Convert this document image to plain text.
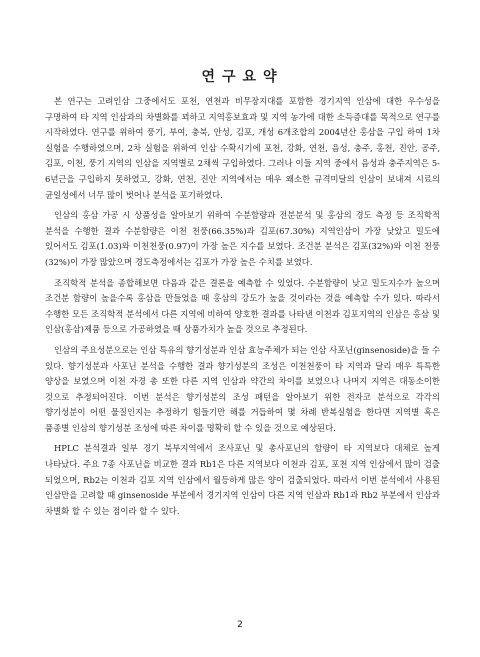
연구요약

본 연구는 고려인삼 그중에서도 포천, 연천과 비무장지대를 포함한 경기지역 인삼에 대한 우수성을 구명하여 타 지역 인삼과의 차별화를 꾀하고 지역홍보효과 및 지역 농가에 대한 소득증대를 목적으로 연구를 시작하였다. 연구를 위하여 풍기, 부여, 충북, 안성, 김포, 개성 6개조합의 2004년산 홍삼을 구입 하여 1차 실험을 수행하였으며, 2차 실험을 위하여 인삼 수확시기에 포천, 강화, 연천, 음성, 충주, 홍천, 진안, 공주, 김포, 이천, 풍기 지역의 인삼을 지역별로 2채씩 구입하였다. 그러나 이들 지역 중에서 음성과 충주지역은 5-6년근을 구입하지 못하였고, 강화, 연천, 진안 지역에서는 매우 왜소한 규격미달의 인삼이 보내져 시료의 균일성에서 너무 많이 벗어나 분석을 포기하였다.

인삼의 홍삼 가공 시 상품성을 알아보기 위하여 수분함량과 전분분석 및 홍삼의 경도 측정 등 조직학적 분석을 수행한 결과 수분함량은 이천 천풍(66.35%)과 김포(67.30%) 지역인삼이 가장 낮았고 밀도에 있어서도 김포(1.03)와 이천천풍(0.97)이 가장 높은 지수를 보였다. 조건분 분석은 김포(32%)와 이천 천풍(32%)이 가장 많았으며 경도측정에서는 김포가 가장 높은 수치를 보였다.

조직학적 분석을 종합해보면 다음과 같은 결론을 예측할 수 있었다. 수분함량이 낮고 밀도지수가 높으며 조건분 함량이 높을수록 홍삼을 만들었을 때 홍삼의 강도가 높을 것이라는 것을 예측할 수가 있다. 따라서 수행한 모든 조직학적 분석에서 다른 지역에 비하여 양호한 결과를 나타낸 이천과 김포지역의 인삼은 홍삼 및 인삼(홍삼)제품 등으로 가공하였을 때 상품가치가 높을 것으로 추정된다.

인삼의 주요성분으로는 인삼 특유의 향기성분과 인삼 효능주체가 되는 인삼 사포닌(ginsenoside)을 들 수 있다. 향기성분과 사포닌 분석을 수행한 결과 향기성분의 조성은 이천천풍이 타 지역과 달리 매우 특특한 양상을 보였으며 이천 자경 총 또한 다른 지역 인삼과 약간의 차이를 보였으나 나머지 지역은 대동소이한 것으로 추정되어진다. 이번 분석은 향기성분의 조성 패턴을 알아보기 위한 전자코 분석으로 각각의 향기성분이 어떤 물질인지는 추정하기 힘들기만 해를 거듭하여 몇 차례 반복실험을 한다면 지역별 혹은 품종별 인삼의 향기성분 조성에 따른 차이를 명확히 할 수 있을 것으로 예상된다.

HPLC 분석결과 일부 경기 북부지역에서 조사포닌 및 총사포닌의 함량이 타 지역보다 대체로 높게 나타났다. 주요 7종 사포닌을 비교한 결과 Rb1은 다른 지역보다 이천과 김포, 포천 지역 인삼에서 많이 검출 되었으며, Rb2는 이천과 김포 지역 인삼에서 월등하게 많은 양이 검출되었다. 따라서 이번 분석에서 사용된 인삼만을 고려할 때 ginsenoside 부분에서 경기지역 인삼이 다른 지역 인삼과 Rb1과 Rb2 부분에서 인삼과 차별화 할 수 있는 점이라 할 수 있다.

2
